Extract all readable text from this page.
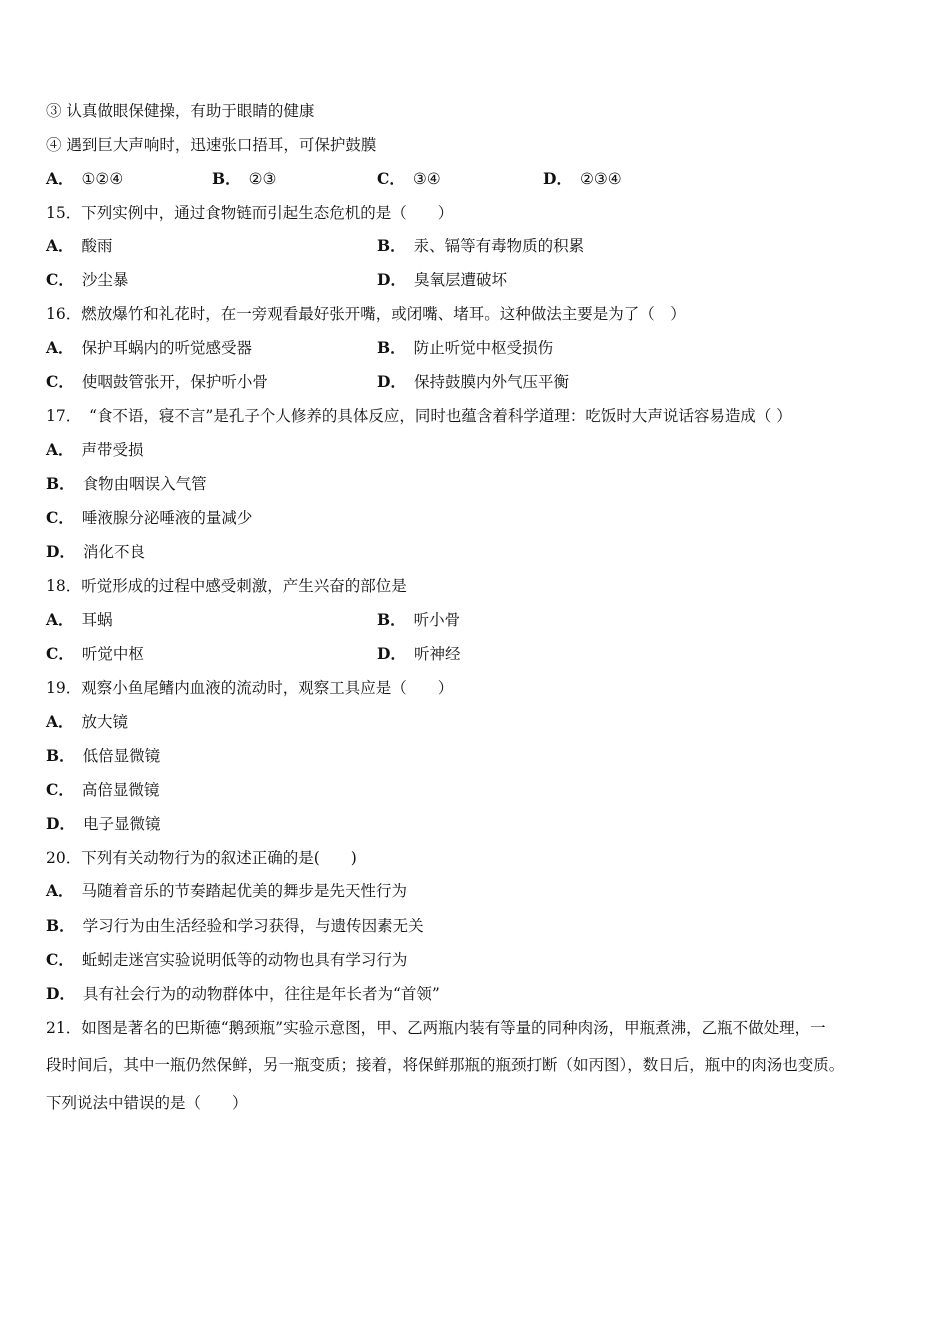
③ 认真做眼保健操，有助于眼睛的健康
④ 遇到巨大声响时，迅速张口捂耳，可保护鼓膜
A． ①②④	B． ②③	C． ③④	D． ②③④
15．下列实例中，通过食物链而引起生态危机的是（　　）
A． 酸雨	B． 汞、镉等有毒物质的积累
C． 沙尘暴	D． 臭氧层遭破坏
16．燃放爆竹和礼花时，在一旁观看最好张开嘴，或闭嘴、堵耳。这种做法主要是为了（　）
A． 保护耳蜗内的听觉感受器	B． 防止听觉中枢受损伤
C． 使咽鼓管张开，保护听小骨	D． 保持鼓膜内外气压平衡
17．　“食不语，寝不言”是孔子个人修养的具体反应，同时也蕴含着科学道理：吃饭时大声说话容易造成（ ）
A． 声带受损
B． 食物由咽误入气管
C． 唾液腺分泌唾液的量减少
D． 消化不良
18．听觉形成的过程中感受刺激，产生兴奋的部位是
A． 耳蜗	B． 听小骨
C． 听觉中枢	D． 听神经
19．观察小鱼尾鳍内血液的流动时，观察工具应是（　　）
A． 放大镜
B． 低倍显微镜
C． 高倍显微镜
D． 电子显微镜
20．下列有关动物行为的叙述正确的是(　　)
A． 马随着音乐的节奏踏起优美的舞步是先天性行为
B． 学习行为由生活经验和学习获得，与遗传因素无关
C． 蚯蚓走迷宫实验说明低等的动物也具有学习行为
D． 具有社会行为的动物群体中，往往是年长者为“首领”
21．如图是著名的巴斯德“鹅颈瓶”实验示意图，甲、乙两瓶内装有等量的同种肉汤，甲瓶煮沸，乙瓶不做处理，一
段时间后，其中一瓶仍然保鲜，另一瓶变质；接着，将保鲜那瓶的瓶颈打断（如丙图），数日后，瓶中的肉汤也变质。
下列说法中错误的是（　　）
